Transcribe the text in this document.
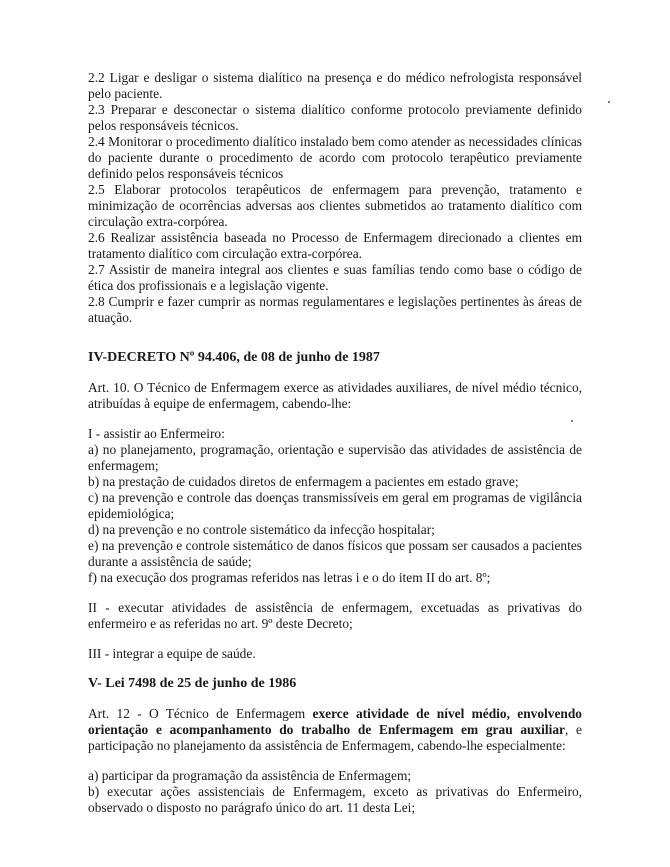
2.2 Ligar e desligar o sistema dialítico na presença e do médico nefrologista responsável pelo paciente.

2.3 Preparar e desconectar o sistema dialítico conforme protocolo previamente definido pelos responsáveis técnicos.

2.4 Monitorar o procedimento dialítico instalado bem como atender as necessidades clínicas do paciente durante o procedimento de acordo com protocolo terapêutico previamente definido pelos responsáveis técnicos

2.5 Elaborar protocolos terapêuticos de enfermagem para prevenção, tratamento e minimização de ocorrências adversas aos clientes submetidos ao tratamento dialítico com circulação extra-corpórea.

2.6 Realizar assistência baseada no Processo de Enfermagem direcionado a clientes em tratamento dialítico com circulação extra-corpórea.

2.7 Assistir de maneira integral aos clientes e suas famílias tendo como base o código de ética dos profissionais e a legislação vigente.

2.8 Cumprir e fazer cumprir as normas regulamentares e legislações pertinentes às áreas de atuação.

IV-DECRETO Nº 94.406, de 08 de junho de 1987

Art. 10. O Técnico de Enfermagem exerce as atividades auxiliares, de nível médio técnico, atribuídas à equipe de enfermagem, cabendo-lhe:

I - assistir ao Enfermeiro:

a) no planejamento, programação, orientação e supervisão das atividades de assistência de enfermagem;

b) na prestação de cuidados diretos de enfermagem a pacientes em estado grave;

c) na prevenção e controle das doenças transmissíveis em geral em programas de vigilância epidemiológica;

d) na prevenção e no controle sistemático da infecção hospitalar;

e) na prevenção e controle sistemático de danos físicos que possam ser causados a pacientes durante a assistência de saúde;

f) na execução dos programas referidos nas letras i e o do item II do art. 8º;

II - executar atividades de assistência de enfermagem, excetuadas as privativas do enfermeiro e as referidas no art. 9º deste Decreto;

III - integrar a equipe de saúde.

V- Lei 7498 de 25 de junho de 1986

Art. 12 - O Técnico de Enfermagem exerce atividade de nível médio, envolvendo orientação e acompanhamento do trabalho de Enfermagem em grau auxiliar, e participação no planejamento da assistência de Enfermagem, cabendo-lhe especialmente:

a) participar da programação da assistência de Enfermagem;

b) executar ações assistenciais de Enfermagem, exceto as privativas do Enfermeiro, observado o disposto no parágrafo único do art. 11 desta Lei;
